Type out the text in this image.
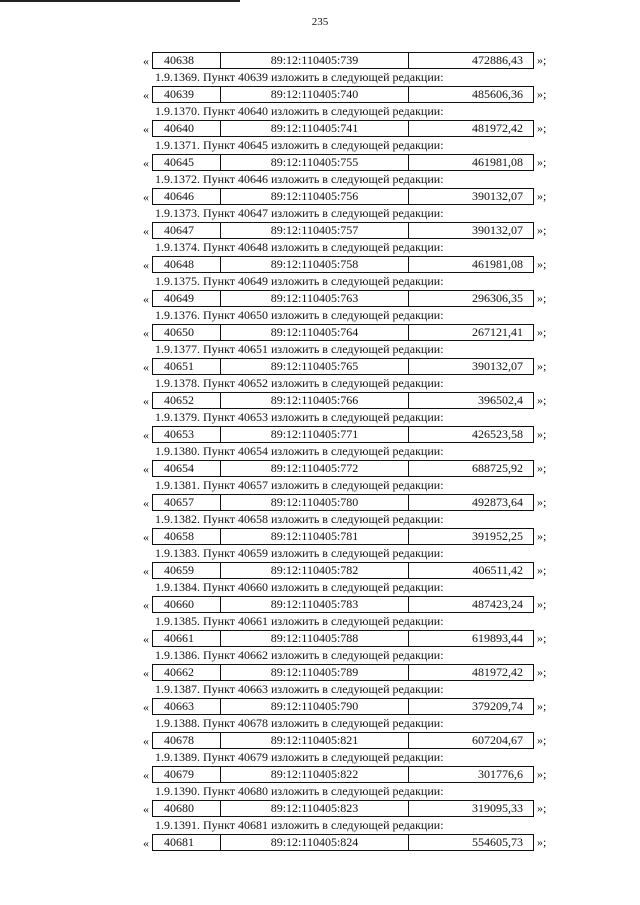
235
«	40638	89:12:110405:739	472886,43	»;
1.9.1369. Пункт 40639 изложить в следующей редакции:
«	40639	89:12:110405:740	485606,36	»;
1.9.1370. Пункт 40640 изложить в следующей редакции:
«	40640	89:12:110405:741	481972,42	»;
1.9.1371. Пункт 40645 изложить в следующей редакции:
«	40645	89:12:110405:755	461981,08	»;
1.9.1372. Пункт 40646 изложить в следующей редакции:
«	40646	89:12:110405:756	390132,07	»;
1.9.1373. Пункт 40647 изложить в следующей редакции:
«	40647	89:12:110405:757	390132,07	»;
1.9.1374. Пункт 40648 изложить в следующей редакции:
«	40648	89:12:110405:758	461981,08	»;
1.9.1375. Пункт 40649 изложить в следующей редакции:
«	40649	89:12:110405:763	296306,35	»;
1.9.1376. Пункт 40650 изложить в следующей редакции:
«	40650	89:12:110405:764	267121,41	»;
1.9.1377. Пункт 40651 изложить в следующей редакции:
«	40651	89:12:110405:765	390132,07	»;
1.9.1378. Пункт 40652 изложить в следующей редакции:
«	40652	89:12:110405:766	396502,4	»;
1.9.1379. Пункт 40653 изложить в следующей редакции:
«	40653	89:12:110405:771	426523,58	»;
1.9.1380. Пункт 40654 изложить в следующей редакции:
«	40654	89:12:110405:772	688725,92	»;
1.9.1381. Пункт 40657 изложить в следующей редакции:
«	40657	89:12:110405:780	492873,64	»;
1.9.1382. Пункт 40658 изложить в следующей редакции:
«	40658	89:12:110405:781	391952,25	»;
1.9.1383. Пункт 40659 изложить в следующей редакции:
«	40659	89:12:110405:782	406511,42	»;
1.9.1384. Пункт 40660 изложить в следующей редакции:
«	40660	89:12:110405:783	487423,24	»;
1.9.1385. Пункт 40661 изложить в следующей редакции:
«	40661	89:12:110405:788	619893,44	»;
1.9.1386. Пункт 40662 изложить в следующей редакции:
«	40662	89:12:110405:789	481972,42	»;
1.9.1387. Пункт 40663 изложить в следующей редакции:
«	40663	89:12:110405:790	379209,74	»;
1.9.1388. Пункт 40678 изложить в следующей редакции:
«	40678	89:12:110405:821	607204,67	»;
1.9.1389. Пункт 40679 изложить в следующей редакции:
«	40679	89:12:110405:822	301776,6	»;
1.9.1390. Пункт 40680 изложить в следующей редакции:
«	40680	89:12:110405:823	319095,33	»;
1.9.1391. Пункт 40681 изложить в следующей редакции:
«	40681	89:12:110405:824	554605,73	»;
